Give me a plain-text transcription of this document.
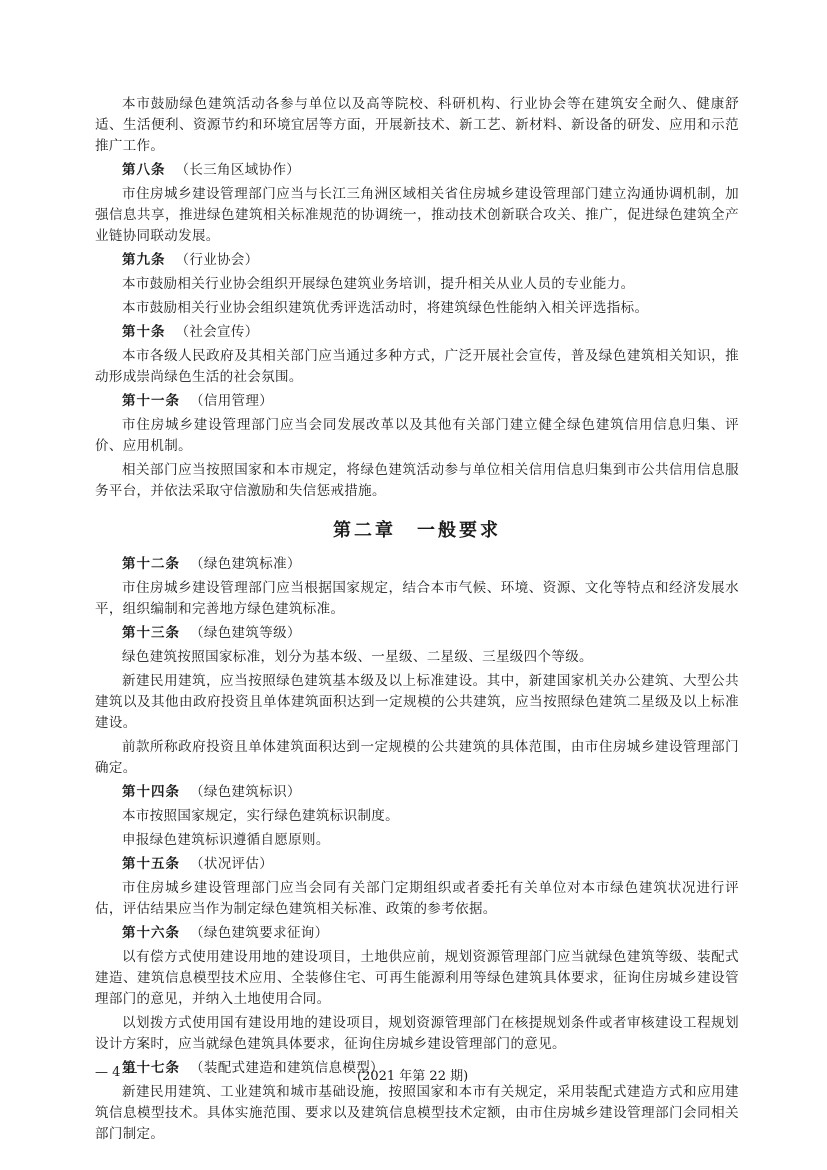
本市鼓励绿色建筑活动各参与单位以及高等院校、科研机构、行业协会等在建筑安全耐久、健康舒适、生活便利、资源节约和环境宜居等方面，开展新技术、新工艺、新材料、新设备的研发、应用和示范推广工作。

第八条 （长三角区域协作）

市住房城乡建设管理部门应当与长江三角洲区域相关省住房城乡建设管理部门建立沟通协调机制，加强信息共享，推进绿色建筑相关标准规范的协调统一，推动技术创新联合攻关、推广，促进绿色建筑全产业链协同联动发展。

第九条 （行业协会）

本市鼓励相关行业协会组织开展绿色建筑业务培训，提升相关从业人员的专业能力。

本市鼓励相关行业协会组织建筑优秀评选活动时，将建筑绿色性能纳入相关评选指标。

第十条 （社会宣传）

本市各级人民政府及其相关部门应当通过多种方式，广泛开展社会宣传，普及绿色建筑相关知识，推动形成崇尚绿色生活的社会氛围。

第十一条 （信用管理）

市住房城乡建设管理部门应当会同发展改革以及其他有关部门建立健全绿色建筑信用信息归集、评价、应用机制。

相关部门应当按照国家和本市规定，将绿色建筑活动参与单位相关信用信息归集到市公共信用信息服务平台，并依法采取守信激励和失信惩戒措施。

第二章　一般要求

第十二条 （绿色建筑标准）

市住房城乡建设管理部门应当根据国家规定，结合本市气候、环境、资源、文化等特点和经济发展水平，组织编制和完善地方绿色建筑标准。

第十三条 （绿色建筑等级）

绿色建筑按照国家标准，划分为基本级、一星级、二星级、三星级四个等级。

新建民用建筑，应当按照绿色建筑基本级及以上标准建设。其中，新建国家机关办公建筑、大型公共建筑以及其他由政府投资且单体建筑面积达到一定规模的公共建筑，应当按照绿色建筑二星级及以上标准建设。

前款所称政府投资且单体建筑面积达到一定规模的公共建筑的具体范围，由市住房城乡建设管理部门确定。

第十四条 （绿色建筑标识）

本市按照国家规定，实行绿色建筑标识制度。

申报绿色建筑标识遵循自愿原则。

第十五条 （状况评估）

市住房城乡建设管理部门应当会同有关部门定期组织或者委托有关单位对本市绿色建筑状况进行评估，评估结果应当作为制定绿色建筑相关标准、政策的参考依据。

第十六条 （绿色建筑要求征询）

以有偿方式使用建设用地的建设项目，土地供应前，规划资源管理部门应当就绿色建筑等级、装配式建造、建筑信息模型技术应用、全装修住宅、可再生能源利用等绿色建筑具体要求，征询住房城乡建设管理部门的意见，并纳入土地使用合同。

以划拨方式使用国有建设用地的建设项目，规划资源管理部门在核提规划条件或者审核建设工程规划设计方案时，应当就绿色建筑具体要求，征询住房城乡建设管理部门的意见。

第十七条 （装配式建造和建筑信息模型）

新建民用建筑、工业建筑和城市基础设施，按照国家和本市有关规定，采用装配式建造方式和应用建筑信息模型技术。具体实施范围、要求以及建筑信息模型技术定额，由市住房城乡建设管理部门会同相关部门制定。

— 4 —	(2021 年第 22 期)
